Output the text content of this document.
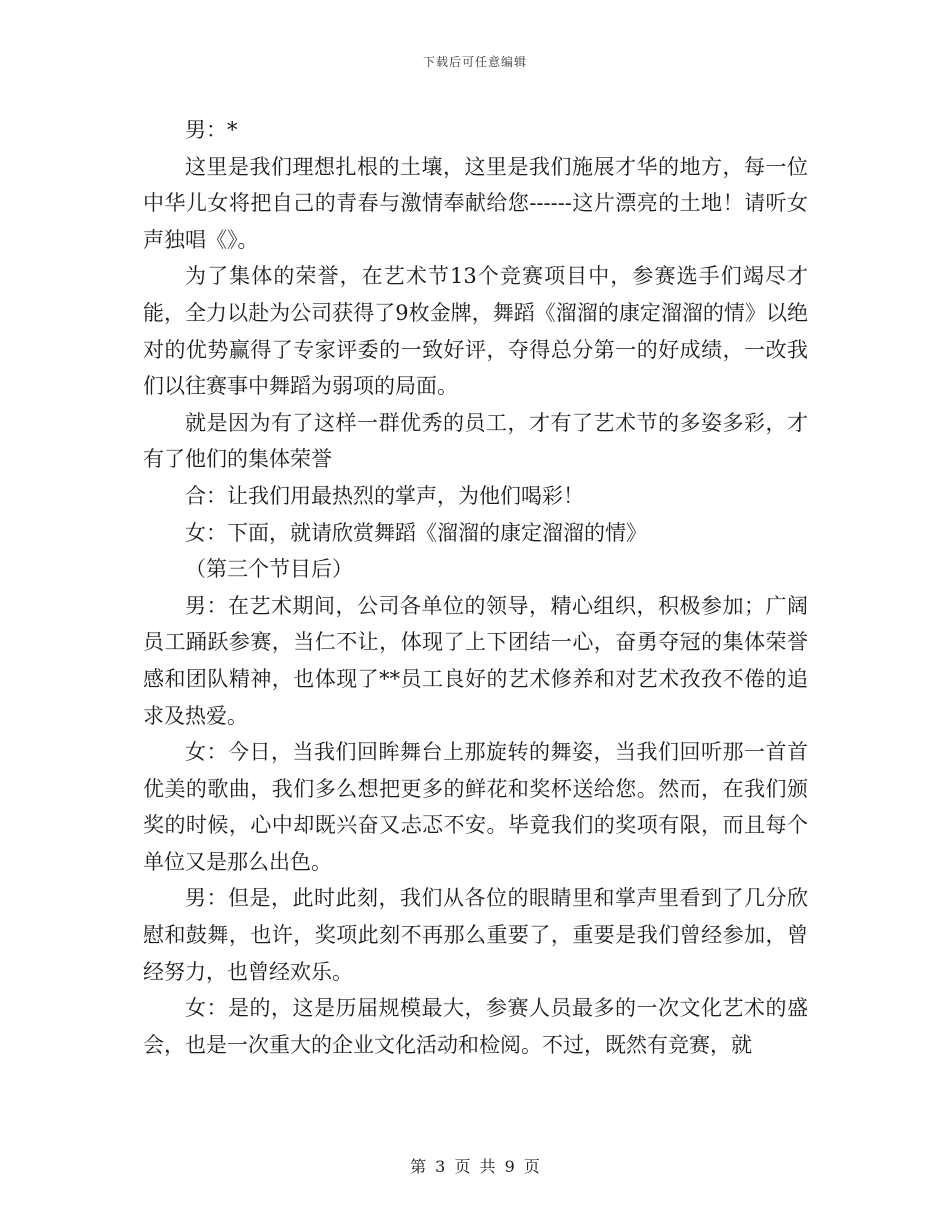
下载后可任意编辑

男：*

这里是我们理想扎根的土壤，这里是我们施展才华的地方，每一位中华儿女将把自己的青春与激情奉献给您------这片漂亮的土地！请听女声独唱《》。

为了集体的荣誉，在艺术节13个竞赛项目中，参赛选手们竭尽才能，全力以赴为公司获得了9枚金牌，舞蹈《溜溜的康定溜溜的情》以绝对的优势赢得了专家评委的一致好评，夺得总分第一的好成绩，一改我们以往赛事中舞蹈为弱项的局面。

就是因为有了这样一群优秀的员工，才有了艺术节的多姿多彩，才有了他们的集体荣誉

合：让我们用最热烈的掌声，为他们喝彩！

女：下面，就请欣赏舞蹈《溜溜的康定溜溜的情》

（第三个节目后）

男：在艺术期间，公司各单位的领导，精心组织，积极参加；广阔员工踊跃参赛，当仁不让，体现了上下团结一心，奋勇夺冠的集体荣誉感和团队精神，也体现了**员工良好的艺术修养和对艺术孜孜不倦的追求及热爱。

女：今日，当我们回眸舞台上那旋转的舞姿，当我们回听那一首首优美的歌曲，我们多么想把更多的鲜花和奖杯送给您。然而，在我们颁奖的时候，心中却既兴奋又忐忑不安。毕竟我们的奖项有限，而且每个单位又是那么出色。

男：但是，此时此刻，我们从各位的眼睛里和掌声里看到了几分欣慰和鼓舞，也许，奖项此刻不再那么重要了，重要是我们曾经参加，曾经努力，也曾经欢乐。

女：是的，这是历届规模最大，参赛人员最多的一次文化艺术的盛会，也是一次重大的企业文化活动和检阅。不过，既然有竞赛，就

第 3 页 共 9 页
